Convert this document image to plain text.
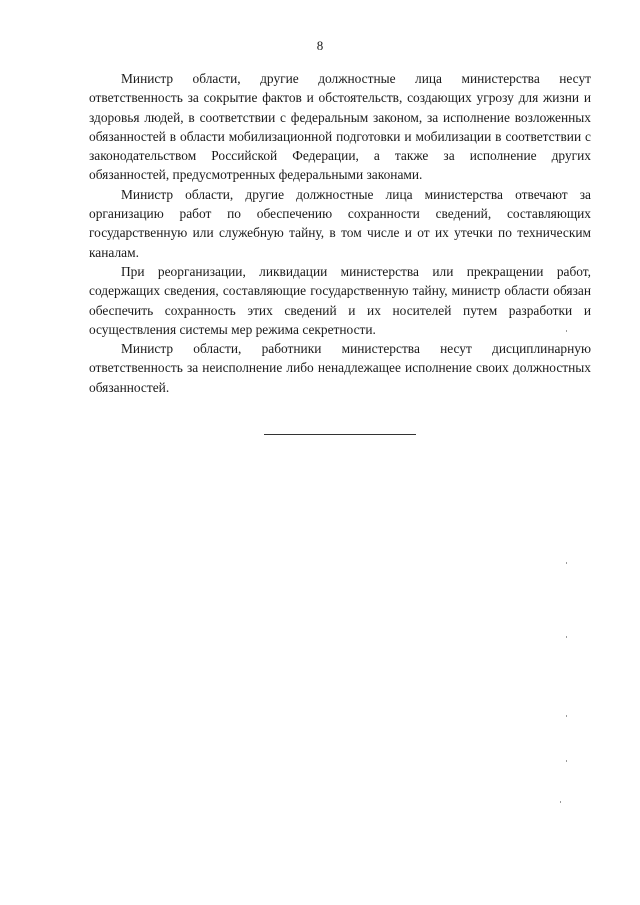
8

Министр области, другие должностные лица министерства несут ответственность за сокрытие фактов и обстоятельств, создающих угрозу для жизни и здоровья людей, в соответствии с федеральным законом, за исполнение возложенных обязанностей в области мобилизационной подготовки и мобилизации в соответствии с законодательством Российской Федерации, а также за исполнение других обязанностей, предусмотренных федеральными законами.

Министр области, другие должностные лица министерства отвечают за организацию работ по обеспечению сохранности сведений, составляющих государственную или служебную тайну, в том числе и от их утечки по техническим каналам.

При реорганизации, ликвидации министерства или прекращении работ, содержащих сведения, составляющие государственную тайну, министр области обязан обеспечить сохранность этих сведений и их носителей путем разработки и осуществления системы мер режима секретности.

Министр области, работники министерства несут дисциплинарную ответственность за неисполнение либо ненадлежащее исполнение своих должностных обязанностей.
